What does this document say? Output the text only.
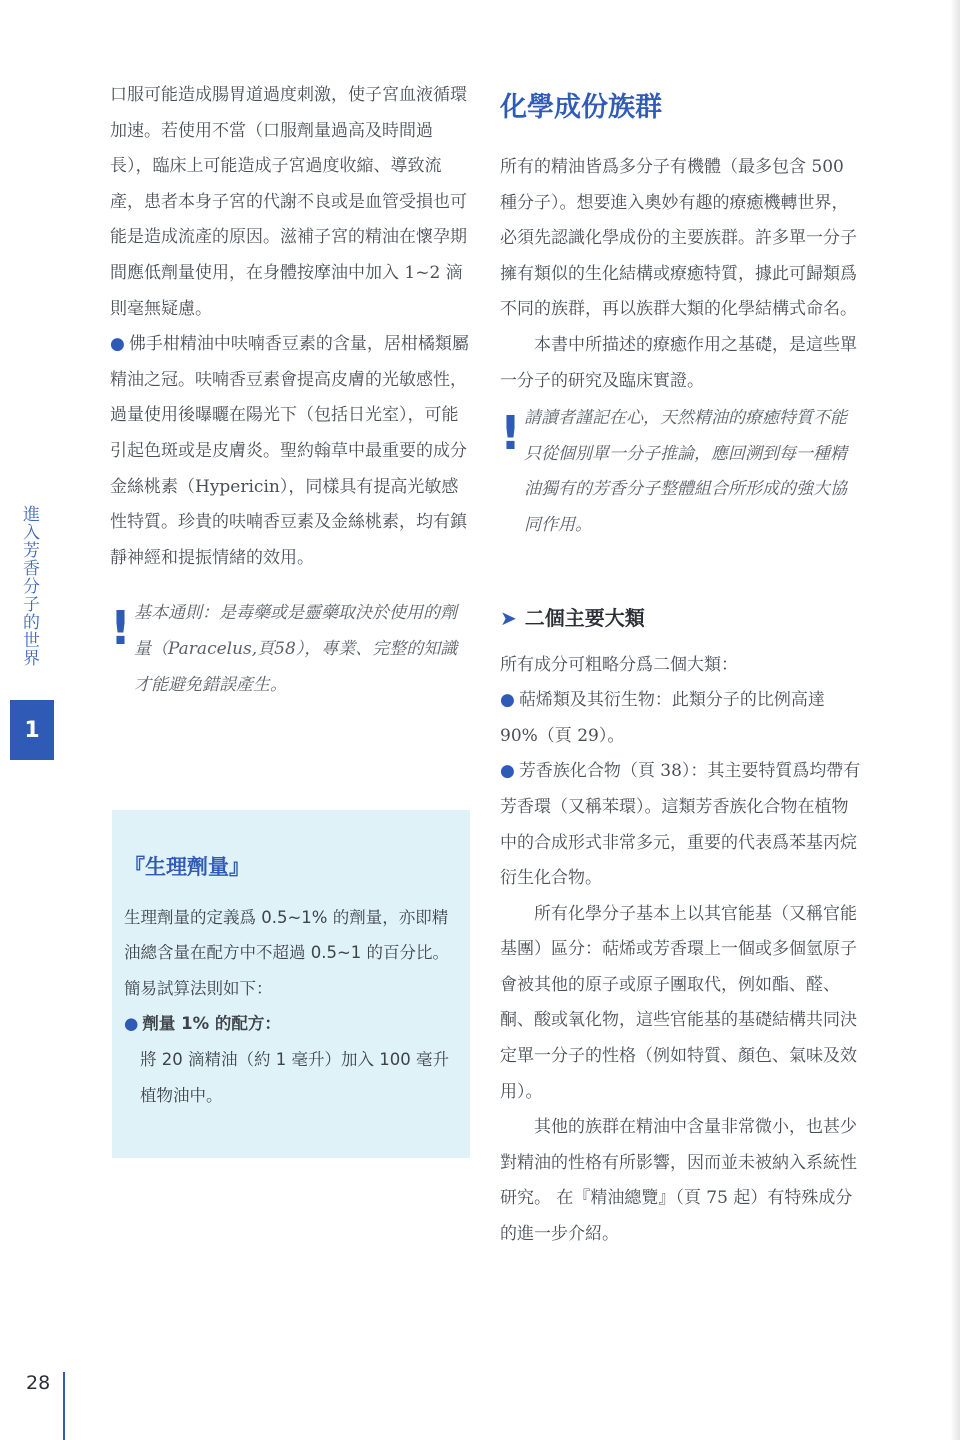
進入芳香分子的世界
1

口服可能造成腸胃道過度刺激，使子宮血液循環加速。若使用不當（口服劑量過高及時間過長），臨床上可能造成子宮過度收縮、導致流產，患者本身子宮的代謝不良或是血管受損也可能是造成流產的原因。滋補子宮的精油在懷孕期間應低劑量使用，在身體按摩油中加入 1~2 滴則毫無疑慮。

● 佛手柑精油中呋喃香豆素的含量，居柑橘類屬精油之冠。呋喃香豆素會提高皮膚的光敏感性，過量使用後曝曬在陽光下（包括日光室），可能引起色斑或是皮膚炎。聖約翰草中最重要的成分金絲桃素（Hypericin），同樣具有提高光敏感性特質。珍貴的呋喃香豆素及金絲桃素，均有鎮靜神經和提振情緒的效用。

! 基本通則：是毒藥或是靈藥取決於使用的劑量（Paracelus,頁58），專業、完整的知識才能避免錯誤產生。
『生理劑量』

生理劑量的定義爲 0.5~1% 的劑量，亦即精油總含量在配方中不超過 0.5~1 的百分比。簡易試算法則如下：

● 劑量 1% 的配方：

將 20 滴精油（約 1 毫升）加入 100 毫升植物油中。

化學成份族群

所有的精油皆爲多分子有機體（最多包含 500 種分子）。想要進入奧妙有趣的療癒機轉世界，必須先認識化學成份的主要族群。許多單一分子擁有類似的生化結構或療癒特質，據此可歸類爲不同的族群，再以族群大類的化學結構式命名。

本書中所描述的療癒作用之基礎，是這些單一分子的研究及臨床實證。

! 請讀者謹記在心，天然精油的療癒特質不能只從個別單一分子推論，應回溯到每一種精油獨有的芳香分子整體組合所形成的強大協同作用。
➤ 二個主要大類

所有成分可粗略分爲二個大類：

● 萜烯類及其衍生物：此類分子的比例高達 90%（頁 29）。

● 芳香族化合物（頁 38）：其主要特質爲均帶有芳香環（又稱苯環）。這類芳香族化合物在植物中的合成形式非常多元，重要的代表爲苯基丙烷衍生化合物。

所有化學分子基本上以其官能基（又稱官能基團）區分：萜烯或芳香環上一個或多個氫原子會被其他的原子或原子團取代，例如酯、醛、酮、酸或氧化物，這些官能基的基礎結構共同決定單一分子的性格（例如特質、顏色、氣味及效用）。

其他的族群在精油中含量非常微小，也甚少對精油的性格有所影響，因而並未被納入系統性研究。 在『精油總覽』（頁 75 起）有特殊成分的進一步介紹。

28
